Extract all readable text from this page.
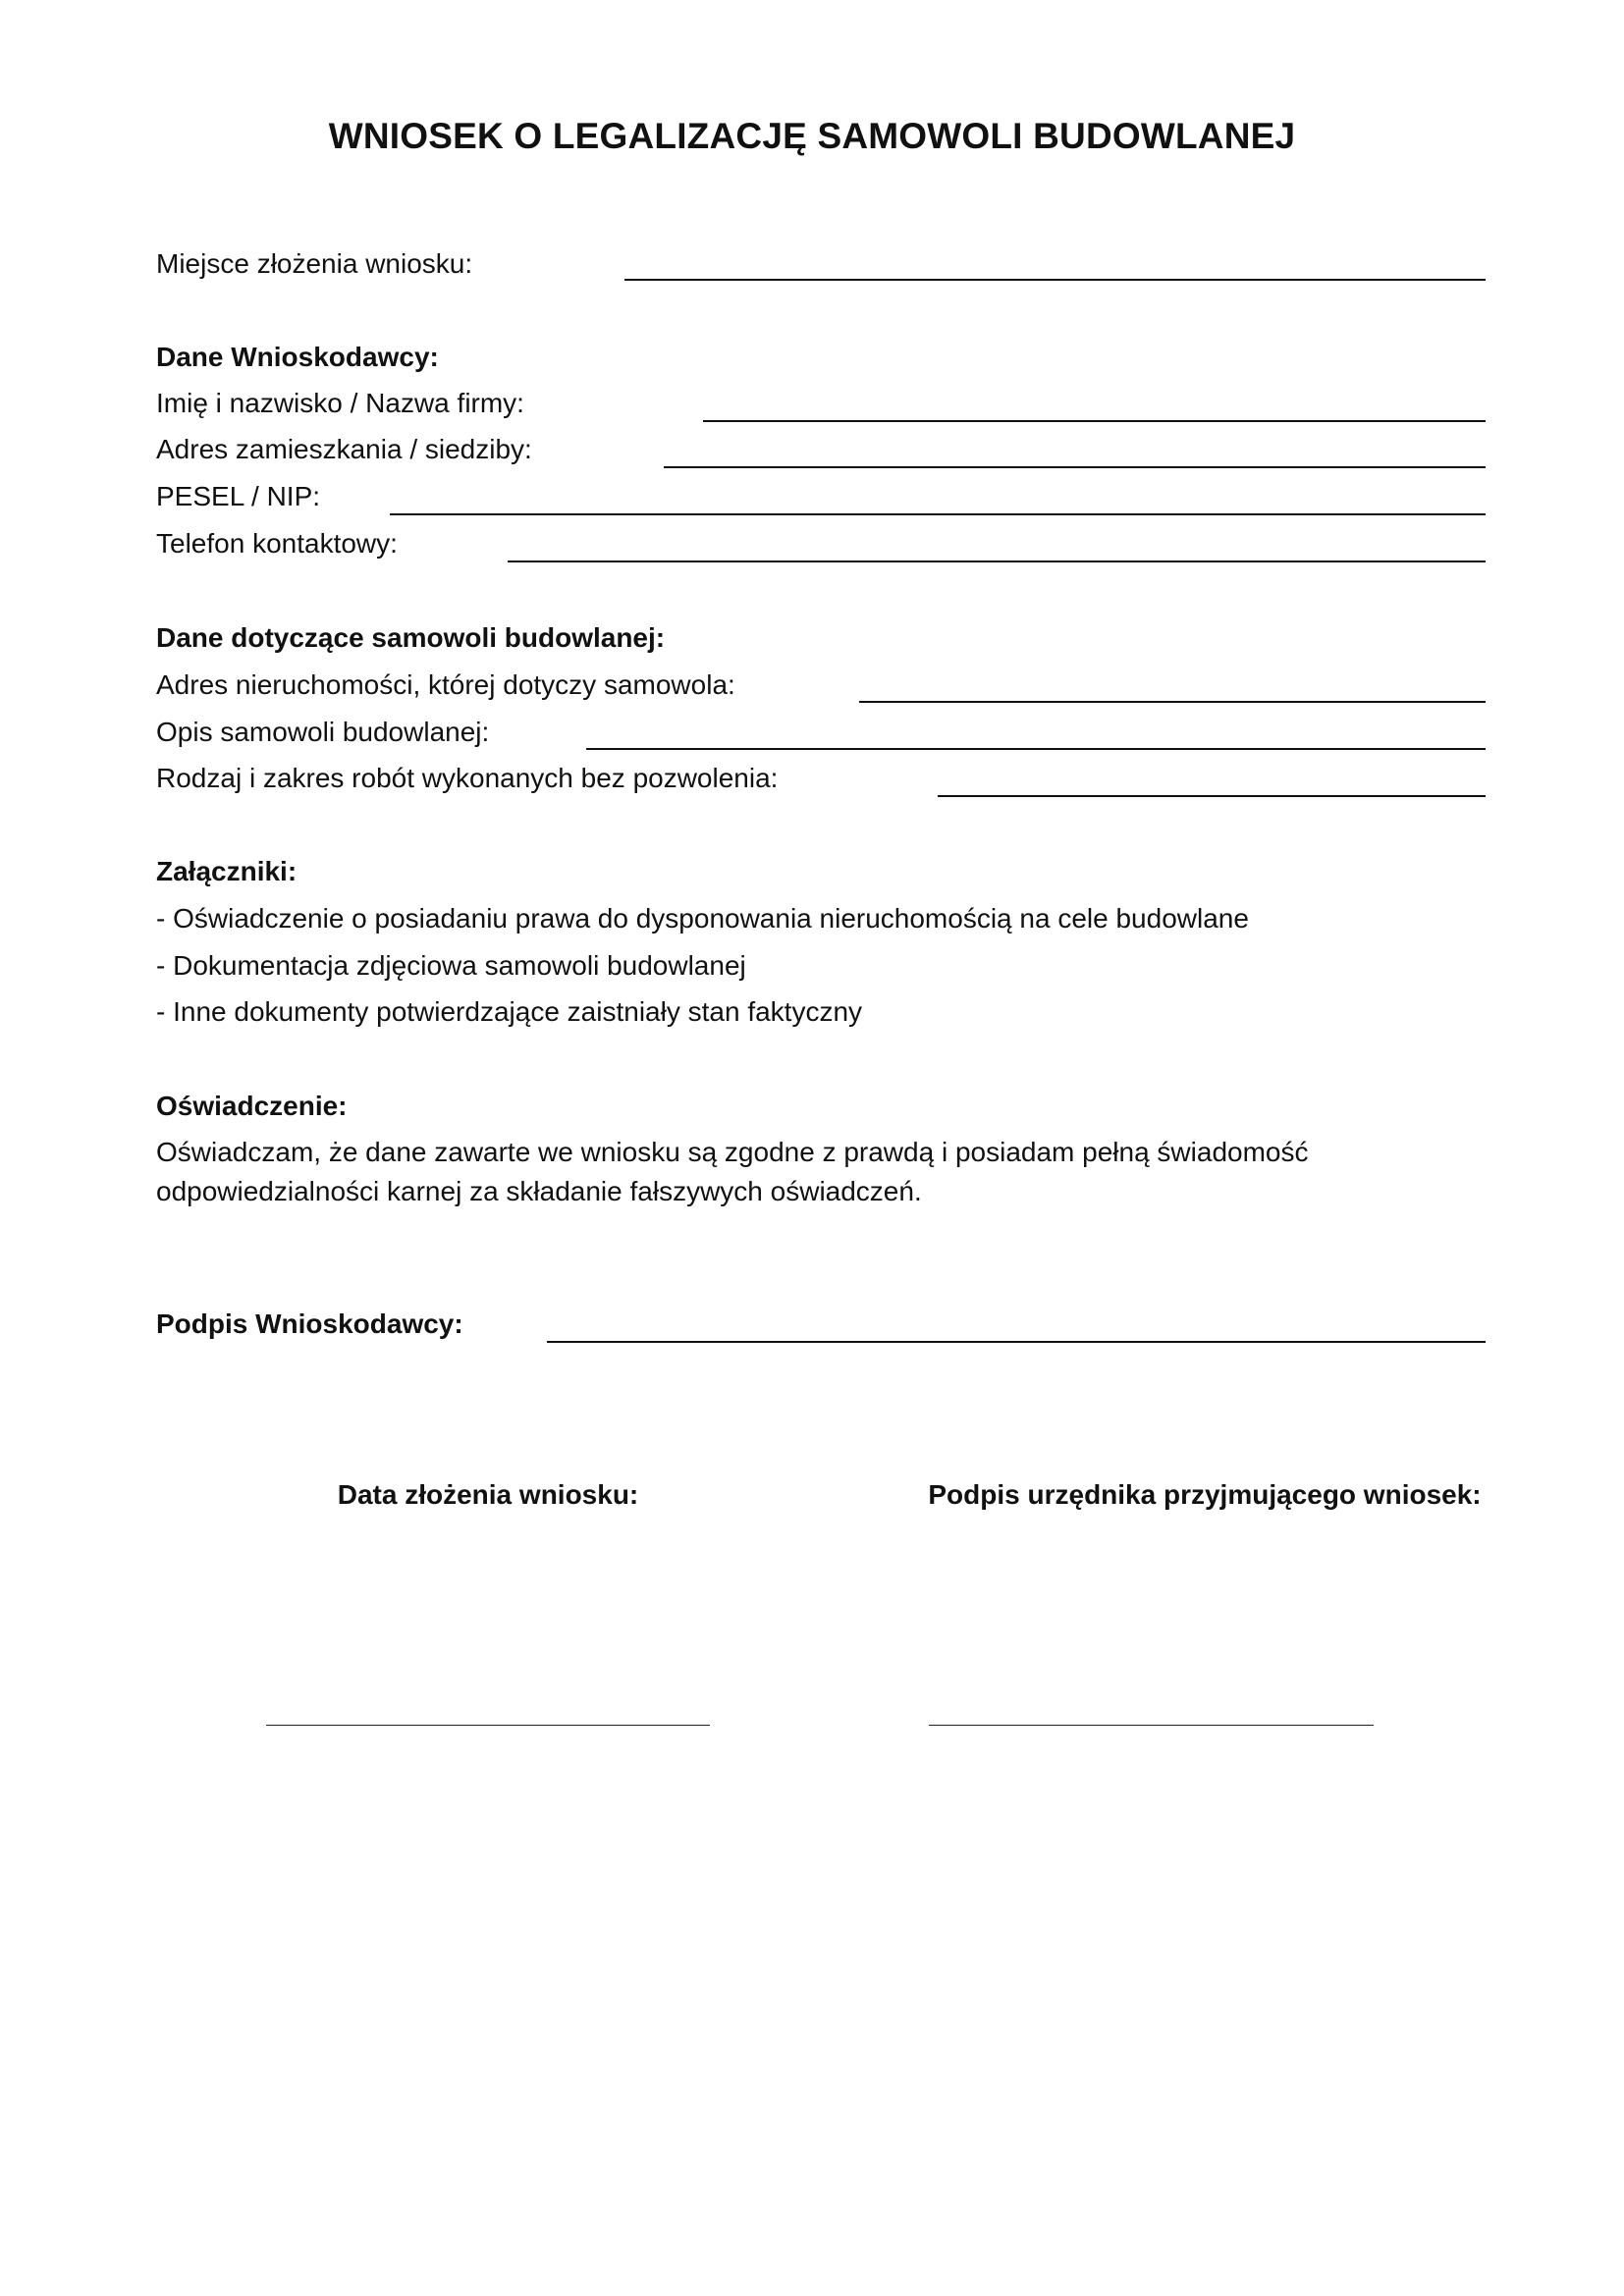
WNIOSEK O LEGALIZACJĘ SAMOWOLI BUDOWLANEJ
Miejsce złożenia wniosku:
Dane Wnioskodawcy:
Imię i nazwisko / Nazwa firmy:
Adres zamieszkania / siedziby:
PESEL / NIP:
Telefon kontaktowy:
Dane dotyczące samowoli budowlanej:
Adres nieruchomości, której dotyczy samowola:
Opis samowoli budowlanej:
Rodzaj i zakres robót wykonanych bez pozwolenia:
Załączniki:
- Oświadczenie o posiadaniu prawa do dysponowania nieruchomością na cele budowlane
- Dokumentacja zdjęciowa samowoli budowlanej
- Inne dokumenty potwierdzające zaistniały stan faktyczny
Oświadczenie:
Oświadczam, że dane zawarte we wniosku są zgodne z prawdą i posiadam pełną świadomość
odpowiedzialności karnej za składanie fałszywych oświadczeń.
Podpis Wnioskodawcy:
Data złożenia wniosku:	Podpis urzędnika przyjmującego wniosek:
